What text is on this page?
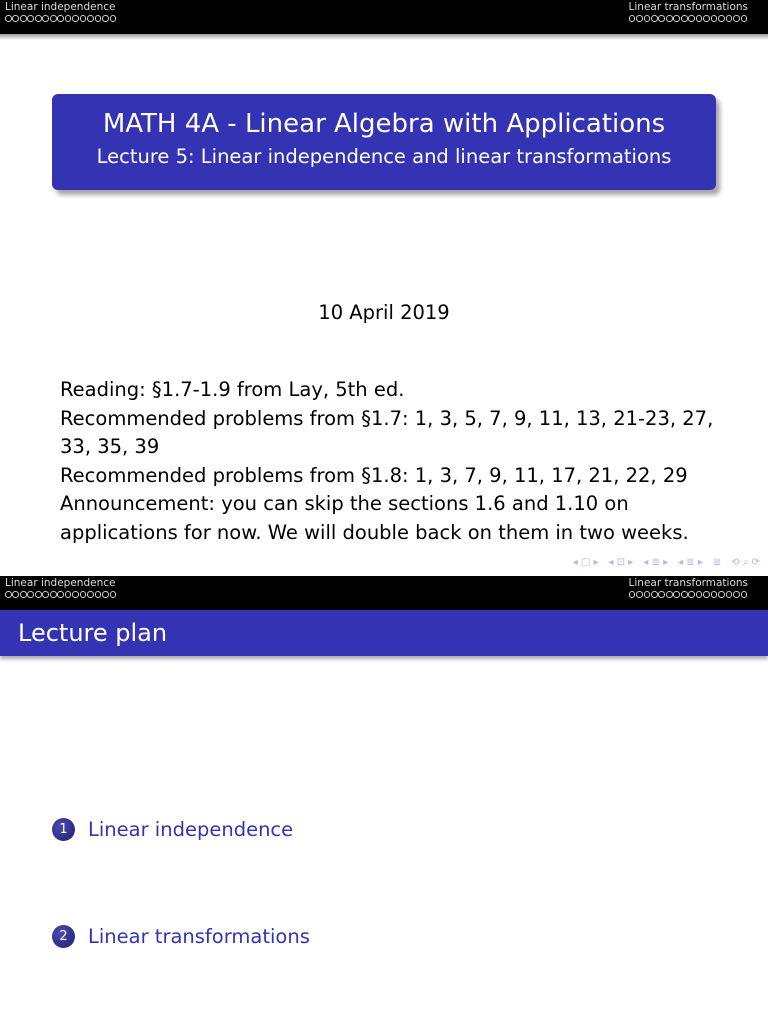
Linear independence	Linear transformations
MATH 4A - Linear Algebra with Applications
Lecture 5: Linear independence and linear transformations
10 April 2019

Reading: §1.7-1.9 from Lay, 5th ed.

Recommended problems from §1.7: 1, 3, 5, 7, 9, 11, 13, 21-23, 27, 33, 35, 39

Recommended problems from §1.8: 1, 3, 7, 9, 11, 17, 21, 22, 29

Announcement: you can skip the sections 1.6 and 1.10 on applications for now. We will double back on them in two weeks.

◂ □ ▸ ◂ ⊡ ▸ ◂ ≣ ▸ ◂ ≣ ▸ ≣ ⟲ ⌕ ⟳
Linear independence	Linear transformations
Lecture plan
1	Linear independence
2	Linear transformations
